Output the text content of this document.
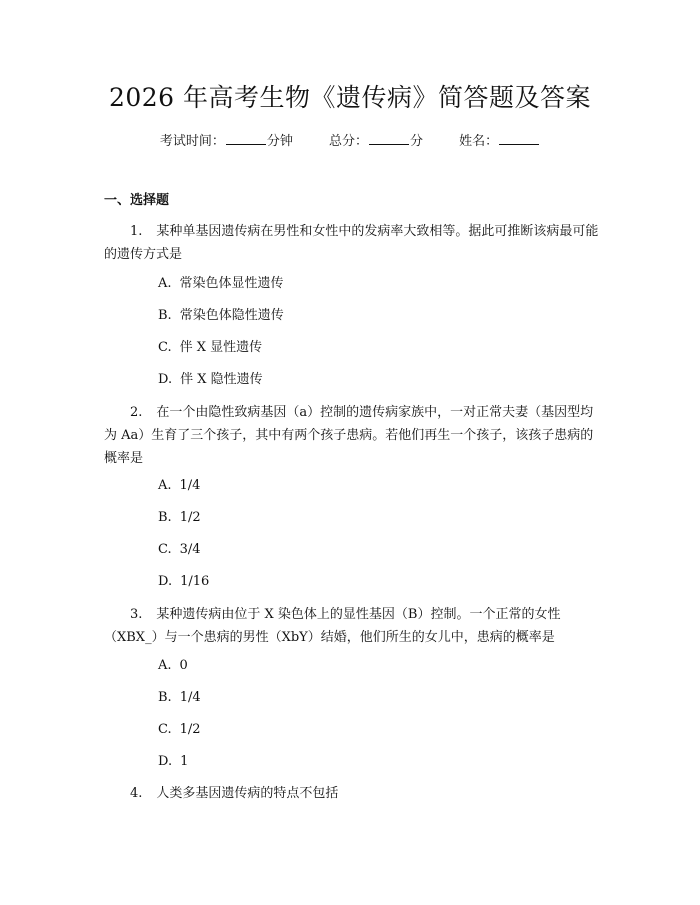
2026 年高考生物《遗传病》简答题及答案
考试时间：	分钟	总分：	分	姓名：
一、选择题
1. 某种单基因遗传病在男性和女性中的发病率大致相等。据此可推断该病最可能的遗传方式是
A. 常染色体显性遗传
B. 常染色体隐性遗传
C. 伴 X 显性遗传
D. 伴 X 隐性遗传
2. 在一个由隐性致病基因（a）控制的遗传病家族中，一对正常夫妻（基因型均为 Aa）生育了三个孩子，其中有两个孩子患病。若他们再生一个孩子，该孩子患病的概率是
A. 1/4
B. 1/2
C. 3/4
D. 1/16
3. 某种遗传病由位于 X 染色体上的显性基因（B）控制。一个正常的女性（XBX_）与一个患病的男性（XbY）结婚，他们所生的女儿中，患病的概率是
A. 0
B. 1/4
C. 1/2
D. 1
4. 人类多基因遗传病的特点不包括
